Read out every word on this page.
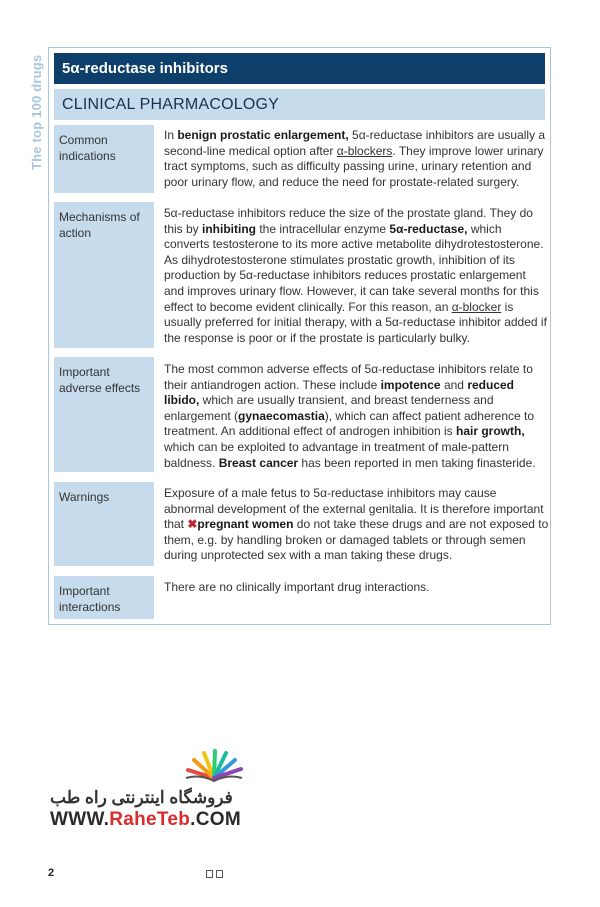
The top 100 drugs	5α-reductase inhibitors
CLINICAL PHARMACOLOGY
Common indications
In benign prostatic enlargement, 5α-reductase inhibitors are usually a second-line medical option after α-blockers. They improve lower urinary tract symptoms, such as difficulty passing urine, urinary retention and poor urinary flow, and reduce the need for prostate-related surgery.
Mechanisms of action
5α-reductase inhibitors reduce the size of the prostate gland. They do this by inhibiting the intracellular enzyme 5α-reductase, which converts testosterone to its more active metabolite dihydrotestosterone. As dihydrotestosterone stimulates prostatic growth, inhibition of its production by 5α-reductase inhibitors reduces prostatic enlargement and improves urinary flow. However, it can take several months for this effect to become evident clinically. For this reason, an α-blocker is usually preferred for initial therapy, with a 5α-reductase inhibitor added if the response is poor or if the prostate is particularly bulky.
Important adverse effects
The most common adverse effects of 5α-reductase inhibitors relate to their antiandrogen action. These include impotence and reduced libido, which are usually transient, and breast tenderness and enlargement (gynaecomastia), which can affect patient adherence to treatment. An additional effect of androgen inhibition is hair growth, which can be exploited to advantage in treatment of male-pattern baldness. Breast cancer has been reported in men taking finasteride.
Warnings	Exposure of a male fetus to 5α-reductase inhibitors may cause abnormal development of the external genitalia. It is therefore important that ✖pregnant women do not take these drugs and are not exposed to them, e.g. by handling broken or damaged tablets or through semen during unprotected sex with a man taking these drugs.
Important interactions
There are no clinically important drug interactions.
فروشگاه اینترنتی راه طب
WWW.RaheTeb.COM
2
